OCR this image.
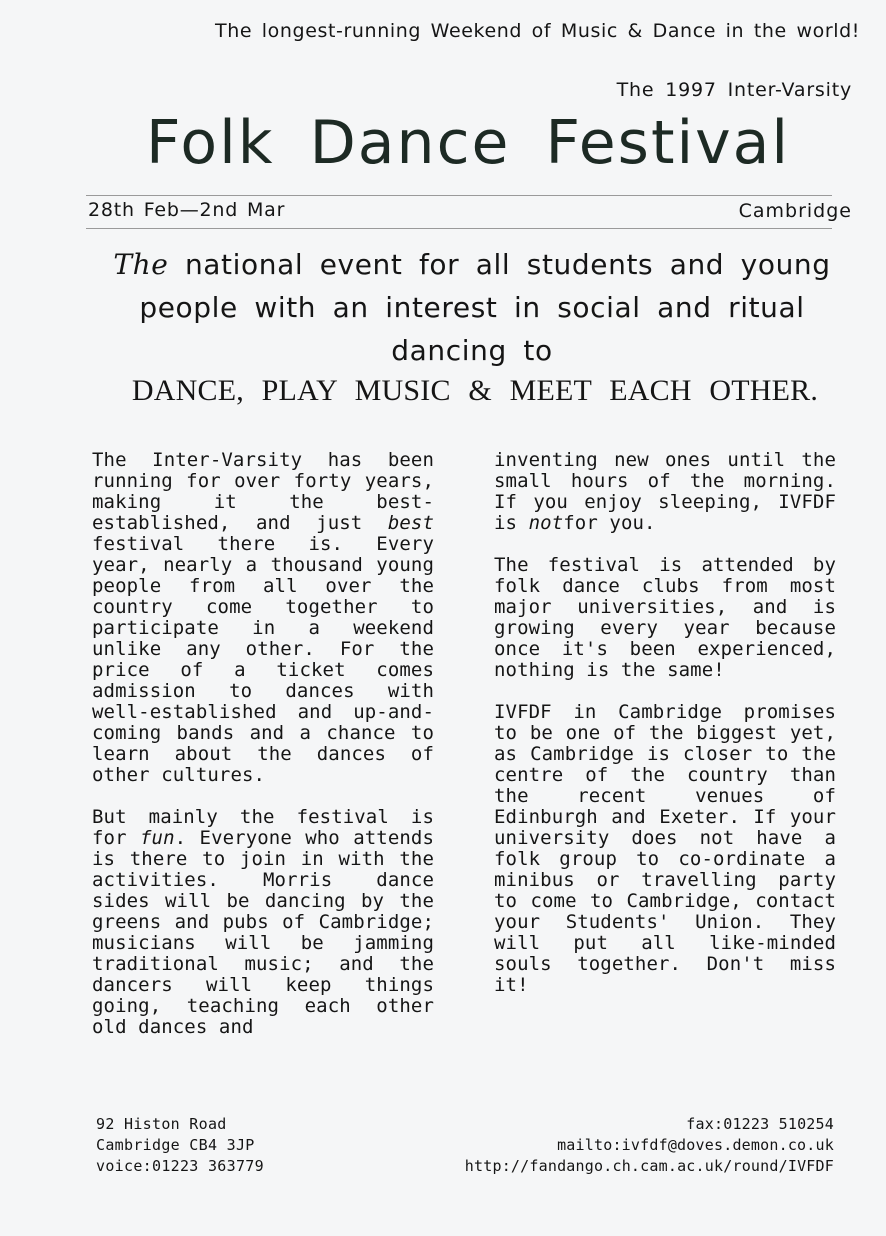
The longest-running Weekend of Music & Dance in the world!
The 1997 Inter-Varsity
Folk Dance Festival
28th Feb—2nd Mar	Cambridge

The national event for all students and young people with an interest in social and ritual dancing to

DANCE, PLAY MUSIC & MEET EACH OTHER.

The Inter-Varsity has been running for over forty years, making it the best-established, and just best festival there is. Every year, nearly a thousand young people from all over the country come together to participate in a weekend unlike any other. For the price of a ticket comes admission to dances with well-established and up-and-coming bands and a chance to learn about the dances of other cultures.

But mainly the festival is for fun. Everyone who attends is there to join in with the activities. Morris dance sides will be dancing by the greens and pubs of Cambridge; musicians will be jamming traditional music; and the dancers will keep things going, teaching each other old dances and

inventing new ones until the small hours of the morning. If you enjoy sleeping, IVFDF is notfor you.

The festival is attended by folk dance clubs from most major universities, and is growing every year because once it's been experienced, nothing is the same!

IVFDF in Cambridge promises to be one of the biggest yet, as Cambridge is closer to the centre of the country than the recent venues of Edinburgh and Exeter. If your university does not have a folk group to co-ordinate a minibus or travelling party to come to Cambridge, contact your Students' Union. They will put all like-minded souls together. Don't miss it!

92 Histon Road
Cambridge CB4 3JP
voice:01223 363779
fax:01223 510254
mailto:ivfdf@doves.demon.co.uk
http://fandango.ch.cam.ac.uk/round/IVFDF
